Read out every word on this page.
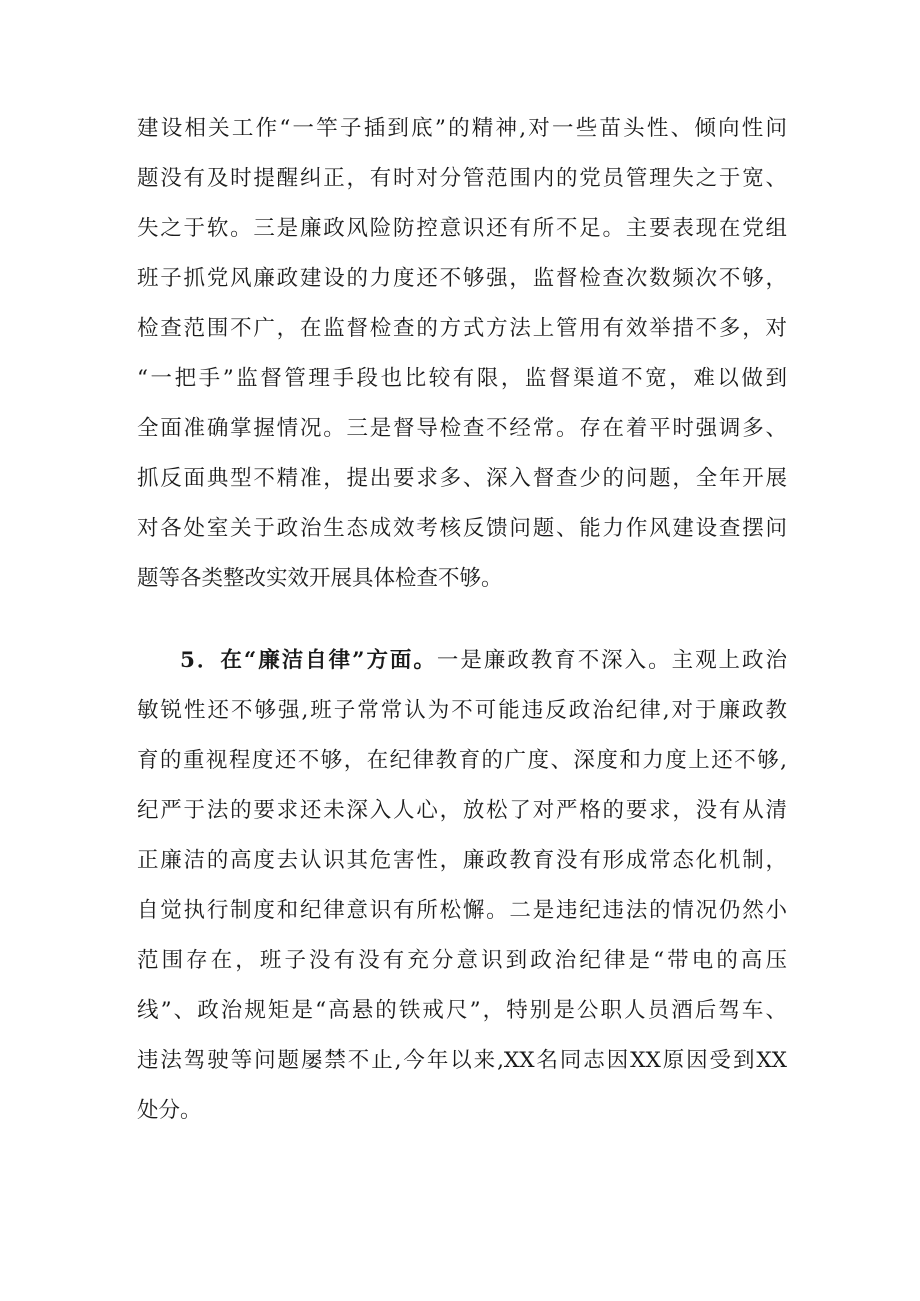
建设相关工作“一竿子插到底”的精神,对一些苗头性、倾向性问
题没有及时提醒纠正，有时对分管范围内的党员管理失之于宽、
失之于软。三是廉政风险防控意识还有所不足。主要表现在党组
班子抓党风廉政建设的力度还不够强，监督检查次数频次不够，
检查范围不广，在监督检查的方式方法上管用有效举措不多，对
“一把手”监督管理手段也比较有限，监督渠道不宽，难以做到
全面准确掌握情况。三是督导检查不经常。存在着平时强调多、
抓反面典型不精准，提出要求多、深入督查少的问题，全年开展
对各处室关于政治生态成效考核反馈问题、能力作风建设查摆问
题等各类整改实效开展具体检查不够。
5．在“廉洁自律”方面。一是廉政教育不深入。主观上政治
敏锐性还不够强,班子常常认为不可能违反政治纪律,对于廉政教
育的重视程度还不够，在纪律教育的广度、深度和力度上还不够,
纪严于法的要求还未深入人心，放松了对严格的要求，没有从清
正廉洁的高度去认识其危害性，廉政教育没有形成常态化机制，
自觉执行制度和纪律意识有所松懈。二是违纪违法的情况仍然小
范围存在，班子没有没有充分意识到政治纪律是“带电的高压
线”、政治规矩是“高悬的铁戒尺”，特别是公职人员酒后驾车、
违法驾驶等问题屡禁不止,今年以来,XX名同志因XX原因受到XX
处分。
